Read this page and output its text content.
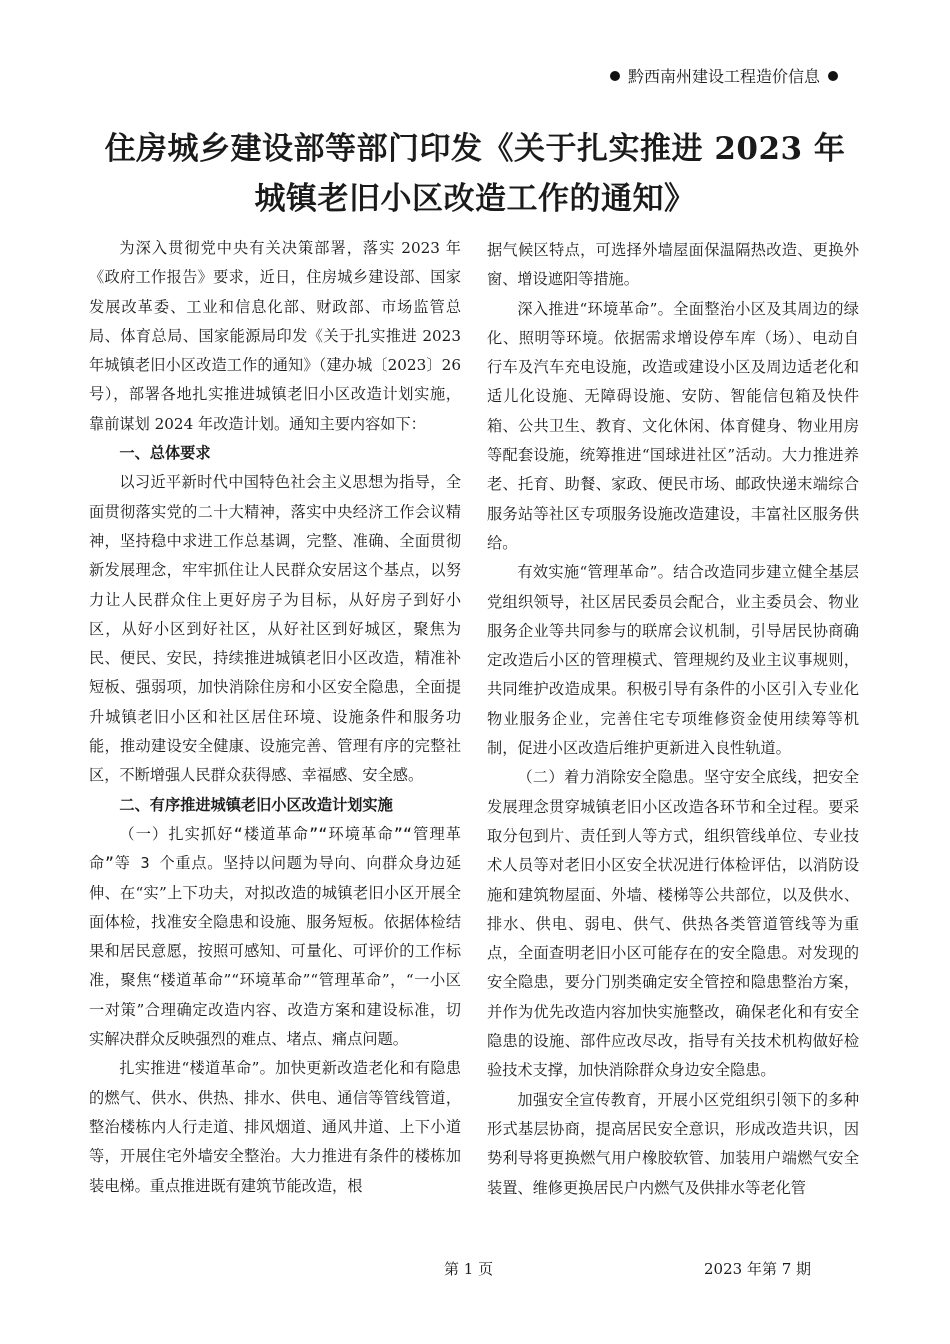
黔西南州建设工程造价信息
住房城乡建设部等部门印发《关于扎实推进 2023 年
城镇老旧小区改造工作的通知》

为深入贯彻党中央有关决策部署，落实 2023 年《政府工作报告》要求，近日，住房城乡建设部、国家发展改革委、工业和信息化部、财政部、市场监管总局、体育总局、国家能源局印发《关于扎实推进 2023 年城镇老旧小区改造工作的通知》（建办城〔2023〕26 号），部署各地扎实推进城镇老旧小区改造计划实施，靠前谋划 2024 年改造计划。通知主要内容如下：

一、总体要求

以习近平新时代中国特色社会主义思想为指导，全面贯彻落实党的二十大精神，落实中央经济工作会议精神，坚持稳中求进工作总基调，完整、准确、全面贯彻新发展理念，牢牢抓住让人民群众安居这个基点，以努力让人民群众住上更好房子为目标，从好房子到好小区，从好小区到好社区，从好社区到好城区，聚焦为民、便民、安民，持续推进城镇老旧小区改造，精准补短板、强弱项，加快消除住房和小区安全隐患，全面提升城镇老旧小区和社区居住环境、设施条件和服务功能，推动建设安全健康、设施完善、管理有序的完整社区，不断增强人民群众获得感、幸福感、安全感。

二、有序推进城镇老旧小区改造计划实施

（一）扎实抓好“楼道革命”“环境革命”“管理革命”等 3 个重点。坚持以问题为导向、向群众身边延伸、在“实”上下功夫，对拟改造的城镇老旧小区开展全面体检，找准安全隐患和设施、服务短板。依据体检结果和居民意愿，按照可感知、可量化、可评价的工作标准，聚焦“楼道革命”“环境革命”“管理革命”，“一小区一对策”合理确定改造内容、改造方案和建设标准，切实解决群众反映强烈的难点、堵点、痛点问题。

扎实推进“楼道革命”。加快更新改造老化和有隐患的燃气、供水、供热、排水、供电、通信等管线管道，整治楼栋内人行走道、排风烟道、通风井道、上下小道等，开展住宅外墙安全整治。大力推进有条件的楼栋加装电梯。重点推进既有建筑节能改造，根

据气候区特点，可选择外墙屋面保温隔热改造、更换外窗、增设遮阳等措施。

深入推进“环境革命”。全面整治小区及其周边的绿化、照明等环境。依据需求增设停车库（场）、电动自行车及汽车充电设施，改造或建设小区及周边适老化和适儿化设施、无障碍设施、安防、智能信包箱及快件箱、公共卫生、教育、文化休闲、体育健身、物业用房等配套设施，统筹推进“国球进社区”活动。大力推进养老、托育、助餐、家政、便民市场、邮政快递末端综合服务站等社区专项服务设施改造建设，丰富社区服务供给。

有效实施“管理革命”。结合改造同步建立健全基层党组织领导，社区居民委员会配合，业主委员会、物业服务企业等共同参与的联席会议机制，引导居民协商确定改造后小区的管理模式、管理规约及业主议事规则，共同维护改造成果。积极引导有条件的小区引入专业化物业服务企业，完善住宅专项维修资金使用续筹等机制，促进小区改造后维护更新进入良性轨道。

（二）着力消除安全隐患。坚守安全底线，把安全发展理念贯穿城镇老旧小区改造各环节和全过程。要采取分包到片、责任到人等方式，组织管线单位、专业技术人员等对老旧小区安全状况进行体检评估，以消防设施和建筑物屋面、外墙、楼梯等公共部位，以及供水、排水、供电、弱电、供气、供热各类管道管线等为重点，全面查明老旧小区可能存在的安全隐患。对发现的安全隐患，要分门别类确定安全管控和隐患整治方案，并作为优先改造内容加快实施整改，确保老化和有安全隐患的设施、部件应改尽改，指导有关技术机构做好检验技术支撑，加快消除群众身边安全隐患。

加强安全宣传教育，开展小区党组织引领下的多种形式基层协商，提高居民安全意识，形成改造共识，因势利导将更换燃气用户橡胶软管、加装用户端燃气安全装置、维修更换居民户内燃气及供排水等老化管

第 1 页	2023 年第 7 期
